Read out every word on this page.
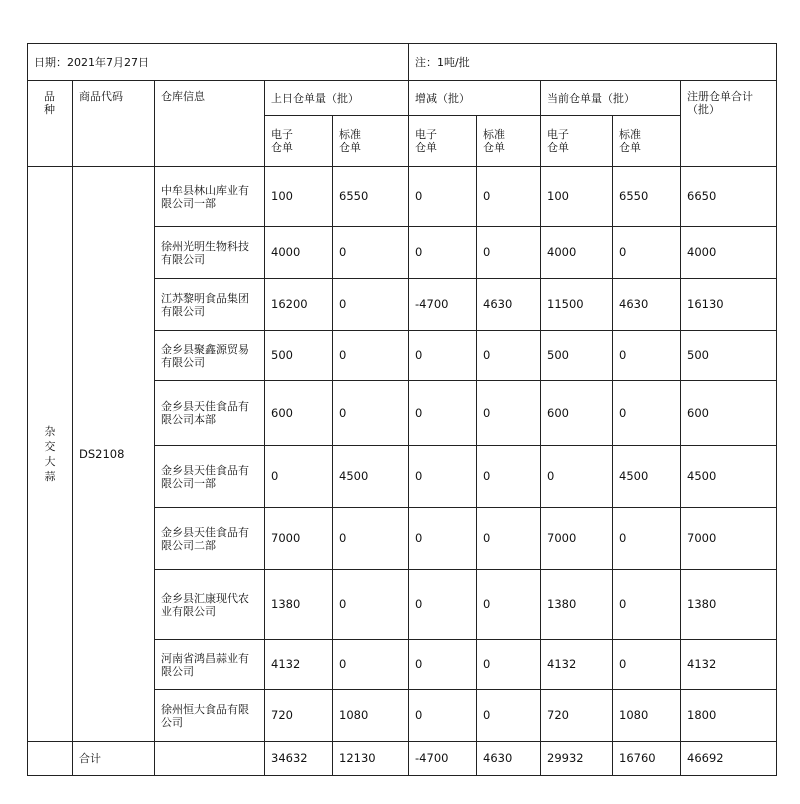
日期：2021年7月27日					注：1吨/批				

品种	商品代码	仓库信息	上日仓单量（批）		增减（批）		当前仓单量（批）		注册仓单合计（批）

			电子仓单	标准仓单	电子仓单	标准仓单	电子仓单	标准仓单	

杂交大蒜	DS2108	中牟县林山库业有限公司一部	100	6550	0	0	100	6550	6650
		徐州光明生物科技有限公司	4000	0	0	0	4000	0	4000
		江苏黎明食品集团有限公司	16200	0	-4700	4630	11500	4630	16130
		金乡县聚鑫源贸易有限公司	500	0	0	0	500	0	500
		金乡县天佳食品有限公司本部	600	0	0	0	600	0	600
		金乡县天佳食品有限公司一部	0	4500	0	0	0	4500	4500
		金乡县天佳食品有限公司二部	7000	0	0	0	7000	0	7000
		金乡县汇康现代农业有限公司	1380	0	0	0	1380	0	1380
		河南省鸿昌蒜业有限公司	4132	0	0	0	4132	0	4132
		徐州恒大食品有限公司	720	1080	0	0	720	1080	1800
	合计		34632	12130	-4700	4630	29932	16760	46692
